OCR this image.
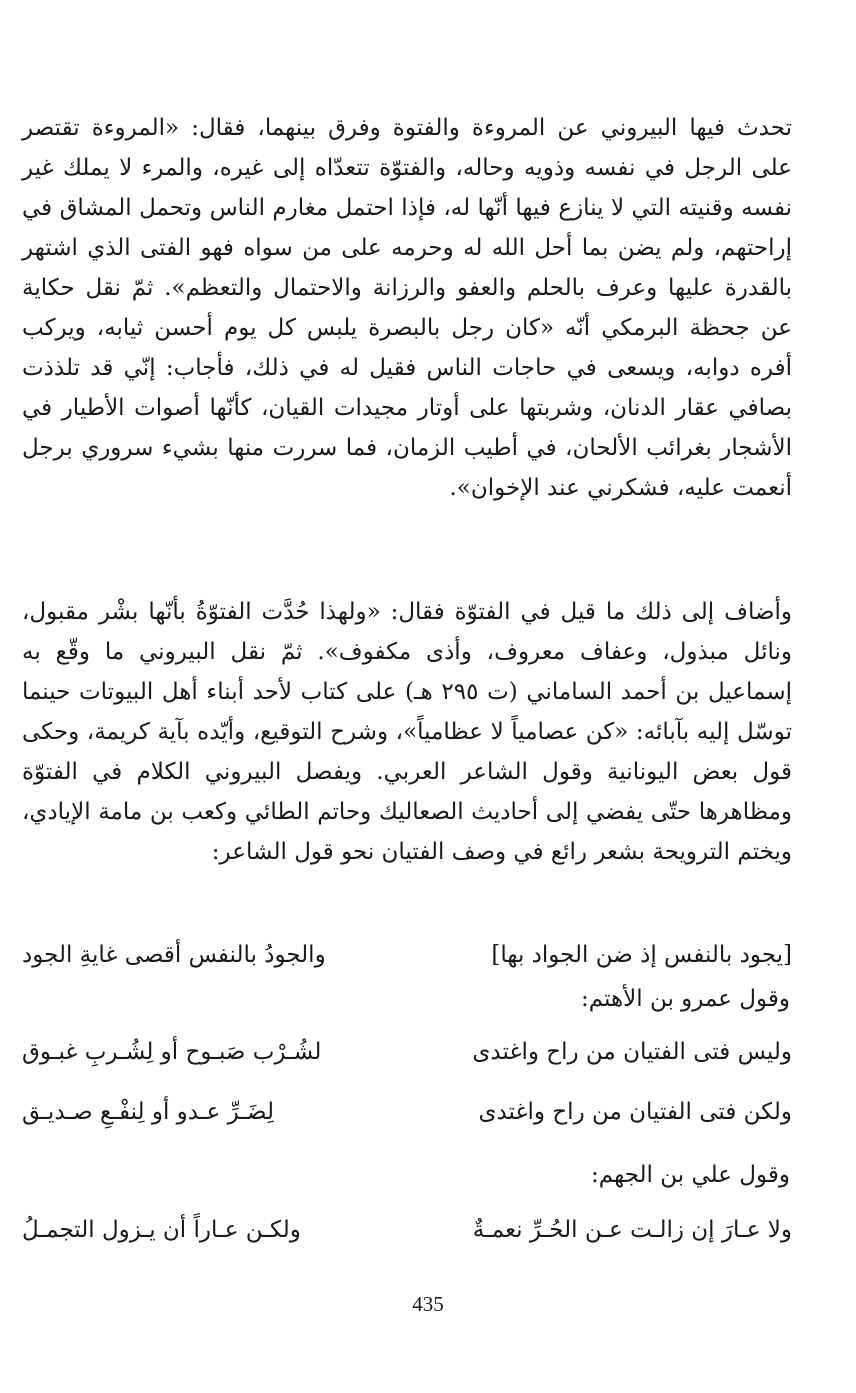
تحدث فيها البيروني عن المروءة والفتوة وفرق بينهما، فقال: «المروءة تقتصر على الرجل في نفسه وذويه وحاله، والفتوّة تتعدّاه إلى غيره، والمرء لا يملك غير نفسه وقنيته التي لا ينازع فيها أنّها له، فإذا احتمل مغارم الناس وتحمل المشاق في إراحتهم، ولم يضن بما أحل الله له وحرمه على من سواه فهو الفتى الذي اشتهر بالقدرة عليها وعرف بالحلم والعفو والرزانة والاحتمال والتعظم». ثمّ نقل حكاية عن جحظة البرمكي أنّه «كان رجل بالبصرة يلبس كل يوم أحسن ثيابه، ويركب أفره دوابه، ويسعى في حاجات الناس فقيل له في ذلك، فأجاب: إنّي قد تلذذت بصافي عقار الدنان، وشربتها على أوتار مجيدات القيان، كأنّها أصوات الأطيار في الأشجار بغرائب الألحان، في أطيب الزمان، فما سررت منها بشيء سروري برجل أنعمت عليه، فشكرني عند الإخوان».
وأضاف إلى ذلك ما قيل في الفتوّة فقال: «ولهذا حُدَّت الفتوّةُ بأنّها بشْر مقبول، ونائل مبذول، وعفاف معروف، وأذى مكفوف». ثمّ نقل البيروني ما وقّع به إسماعيل بن أحمد الساماني (ت ٢٩٥ هـ) على كتاب لأحد أبناء أهل البيوتات حينما توسّل إليه بآبائه: «كن عصامياً لا عظامياً»، وشرح التوقيع، وأيّده بآية كريمة، وحكى قول بعض اليونانية وقول الشاعر العربي. ويفصل البيروني الكلام في الفتوّة ومظاهرها حتّى يفضي إلى أحاديث الصعاليك وحاتم الطائي وكعب بن مامة الإيادي، ويختم الترويحة بشعر رائع في وصف الفتيان نحو قول الشاعر:
[يجود بالنفس إذ ضن الجواد بها]
والجودُ بالنفس أقصى غايةِ الجود
وقول عمرو بن الأهتم:
وليس فتى الفتيان من راح واغتدى
لشُـرْب صَبـوح أو لِشُـربِ غبـوق
ولكن فتى الفتيان من راح واغتدى
لِضَـرِّ عـدو أو لِنفْـعِ صـديـق
وقول علي بن الجهم:
ولا عـارَ إن زالـت عـن الحُـرِّ نعمـةٌ
ولكـن عـاراً أن يـزول التجمـلُ
435
